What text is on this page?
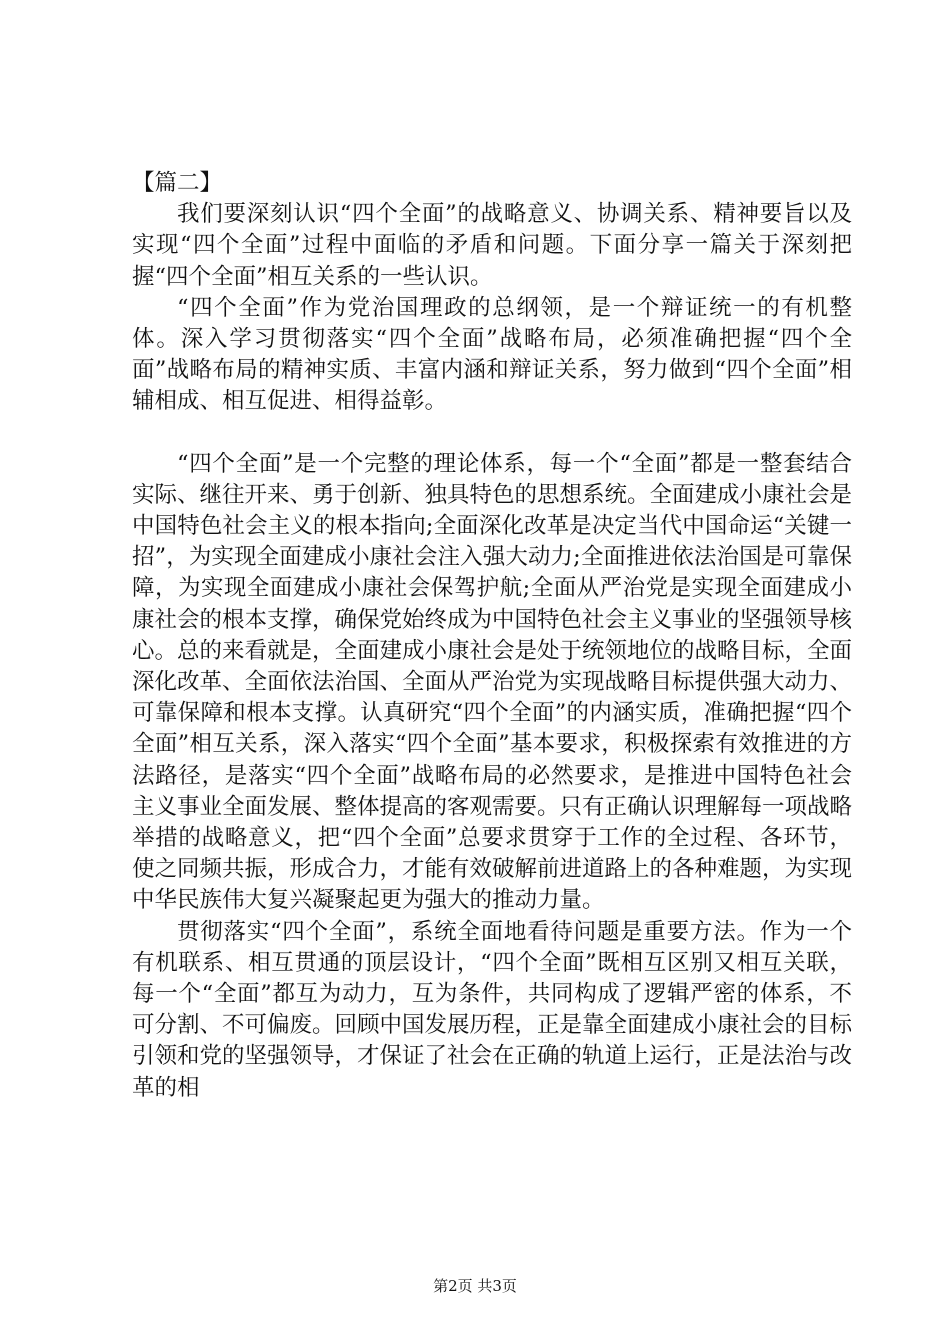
【篇二】

我们要深刻认识“四个全面”的战略意义、协调关系、精神要旨以及实现“四个全面”过程中面临的矛盾和问题。下面分享一篇关于深刻把握“四个全面”相互关系的一些认识。

“四个全面”作为党治国理政的总纲领，是一个辩证统一的有机整体。深入学习贯彻落实“四个全面”战略布局，必须准确把握“四个全面”战略布局的精神实质、丰富内涵和辩证关系，努力做到“四个全面”相辅相成、相互促进、相得益彰。

“四个全面”是一个完整的理论体系，每一个“全面”都是一整套结合实际、继往开来、勇于创新、独具特色的思想系统。全面建成小康社会是中国特色社会主义的根本指向;全面深化改革是决定当代中国命运“关键一招”，为实现全面建成小康社会注入强大动力;全面推进依法治国是可靠保障，为实现全面建成小康社会保驾护航;全面从严治党是实现全面建成小康社会的根本支撑，确保党始终成为中国特色社会主义事业的坚强领导核心。总的来看就是，全面建成小康社会是处于统领地位的战略目标，全面深化改革、全面依法治国、全面从严治党为实现战略目标提供强大动力、可靠保障和根本支撑。认真研究“四个全面”的内涵实质，准确把握“四个全面”相互关系，深入落实“四个全面”基本要求，积极探索有效推进的方法路径，是落实“四个全面”战略布局的必然要求，是推进中国特色社会主义事业全面发展、整体提高的客观需要。只有正确认识理解每一项战略举措的战略意义，把“四个全面”总要求贯穿于工作的全过程、各环节，使之同频共振，形成合力，才能有效破解前进道路上的各种难题，为实现中华民族伟大复兴凝聚起更为强大的推动力量。

贯彻落实“四个全面”，系统全面地看待问题是重要方法。作为一个有机联系、相互贯通的顶层设计，“四个全面”既相互区别又相互关联，每一个“全面”都互为动力，互为条件，共同构成了逻辑严密的体系，不可分割、不可偏废。回顾中国发展历程，正是靠全面建成小康社会的目标引领和党的坚强领导，才保证了社会在正确的轨道上运行，正是法治与改革的相

第2页 共3页
